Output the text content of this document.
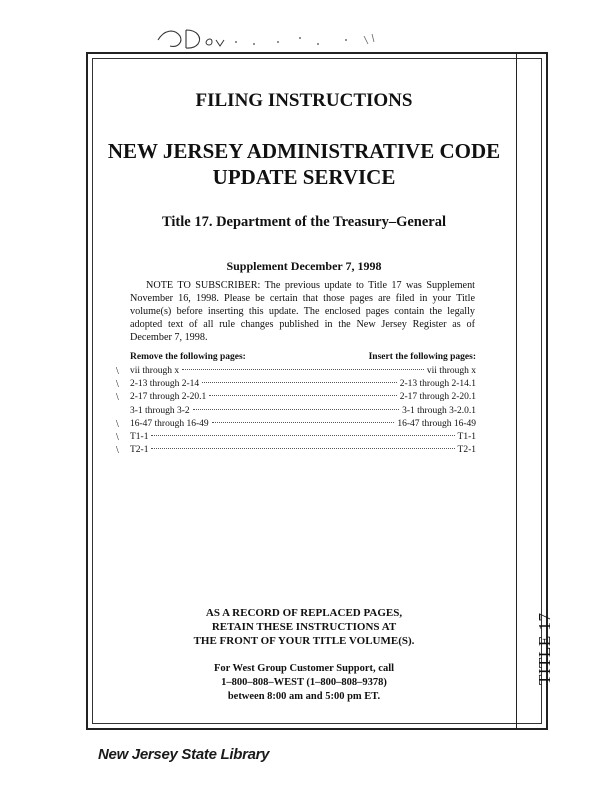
TITLE 17
FILING INSTRUCTIONS
NEW JERSEY ADMINISTRATIVE CODE
UPDATE SERVICE
Title 17. Department of the Treasury–General
Supplement December 7, 1998
NOTE TO SUBSCRIBER: The previous update to Title 17 was Supplement November 16, 1998. Please be certain that those pages are filed in your Title volume(s) before inserting this update. The enclosed pages contain the legally adopted text of all rule changes published in the New Jersey Register as of December 7, 1998.
Remove the following pages:	Insert the following pages:
\ vii through x	vii through x
\ 2-13 through 2-14	2-13 through 2-14.1
\ 2-17 through 2-20.1	2-17 through 2-20.1
3-1 through 3-2	3-1 through 3-2.0.1
\ 16-47 through 16-49	16-47 through 16-49
\ T1-1	T1-1
\ T2-1	T2-1
AS A RECORD OF REPLACED PAGES,
RETAIN THESE INSTRUCTIONS AT
THE FRONT OF YOUR TITLE VOLUME(S).
For West Group Customer Support, call
1–800–808–WEST (1–800–808–9378)
between 8:00 am and 5:00 pm ET.
New Jersey State Library
